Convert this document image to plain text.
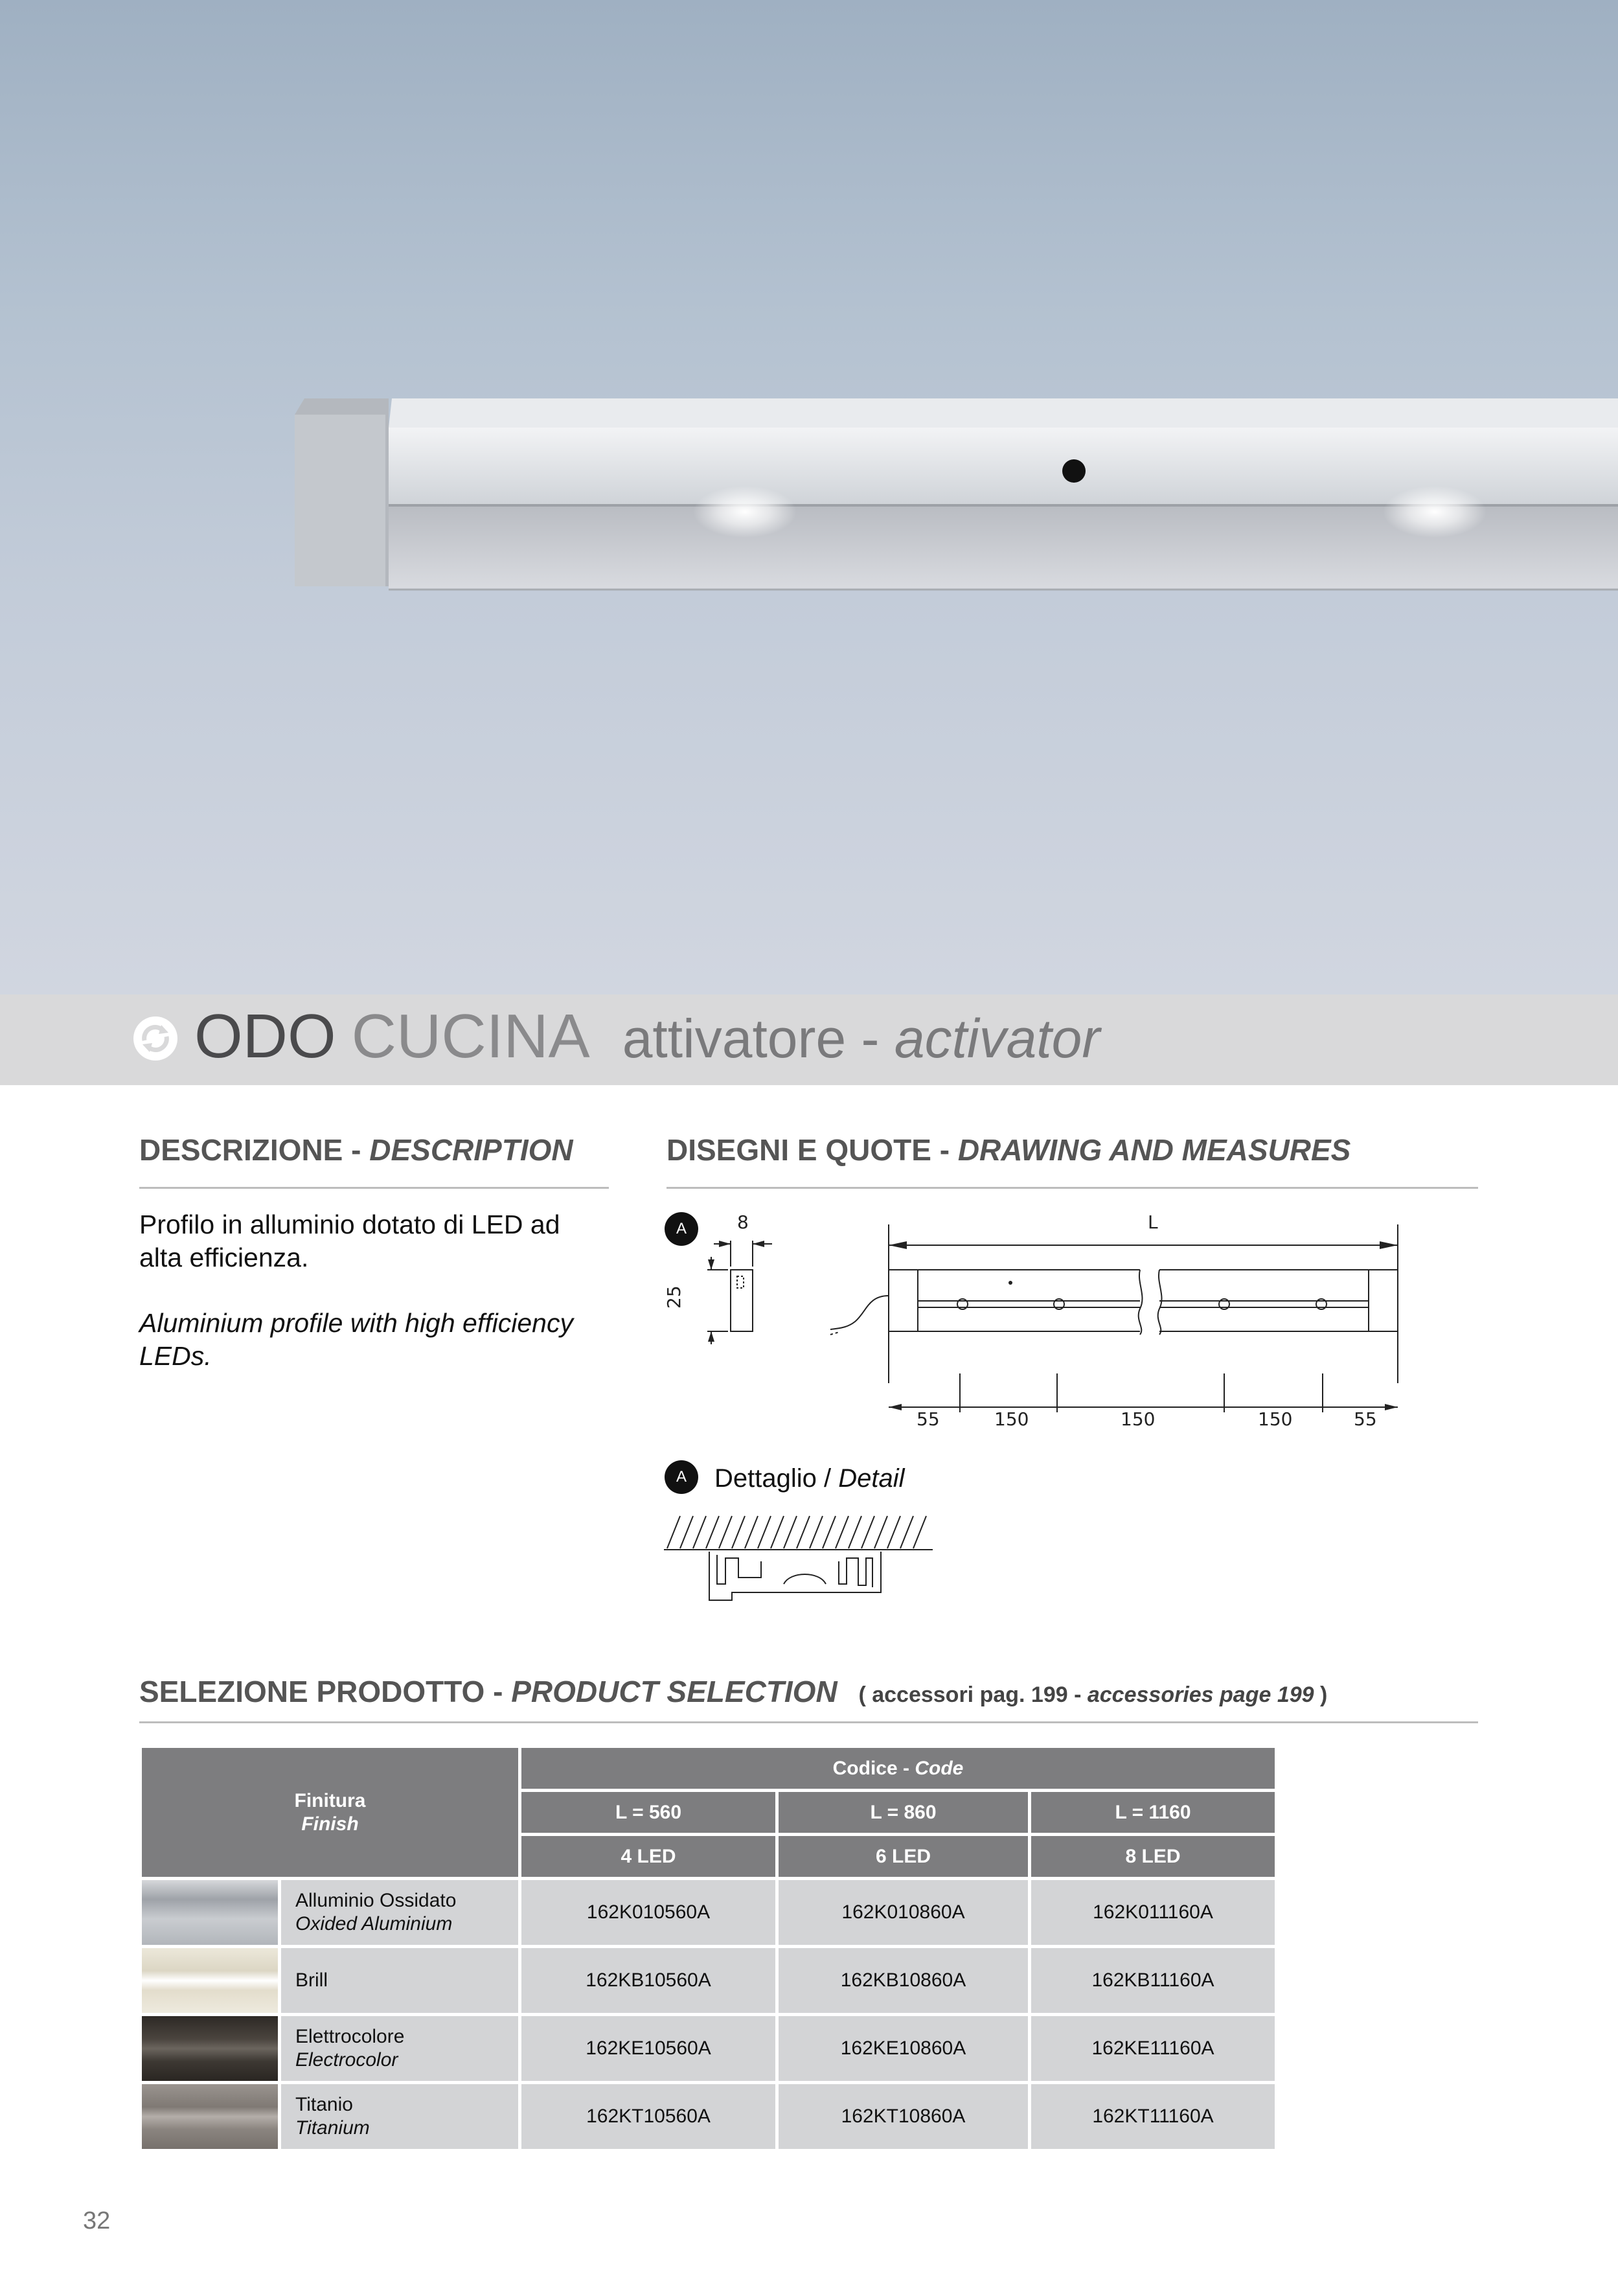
ODO CUCINA attivatore - activator
DESCRIZIONE - DESCRIPTION

Profilo in alluminio dotato di LED ad alta efficienza.

Aluminium profile with high efficiency LEDs.

DISEGNI E QUOTE - DRAWING AND MEASURES
A	8
25
L
55	150	150	150	55
A	Dettaglio / Detail
SELEZIONE PRODOTTO - PRODUCT SELECTION ( accessori pag. 199 - accessories page 199 )
Finitura
Finish		Codice - Code		
		L = 560	L = 860	L = 1160
		4 LED	6 LED	8 LED

	Alluminio Ossidato
Oxided Aluminium	162K010560A	162K010860A	162K011160A

	Brill	162KB10560A	162KB10860A	162KB11160A

	Elettrocolore
Electrocolor	162KE10560A	162KE10860A	162KE11160A

	Titanio
Titanium	162KT10560A	162KT10860A	162KT11160A
32
